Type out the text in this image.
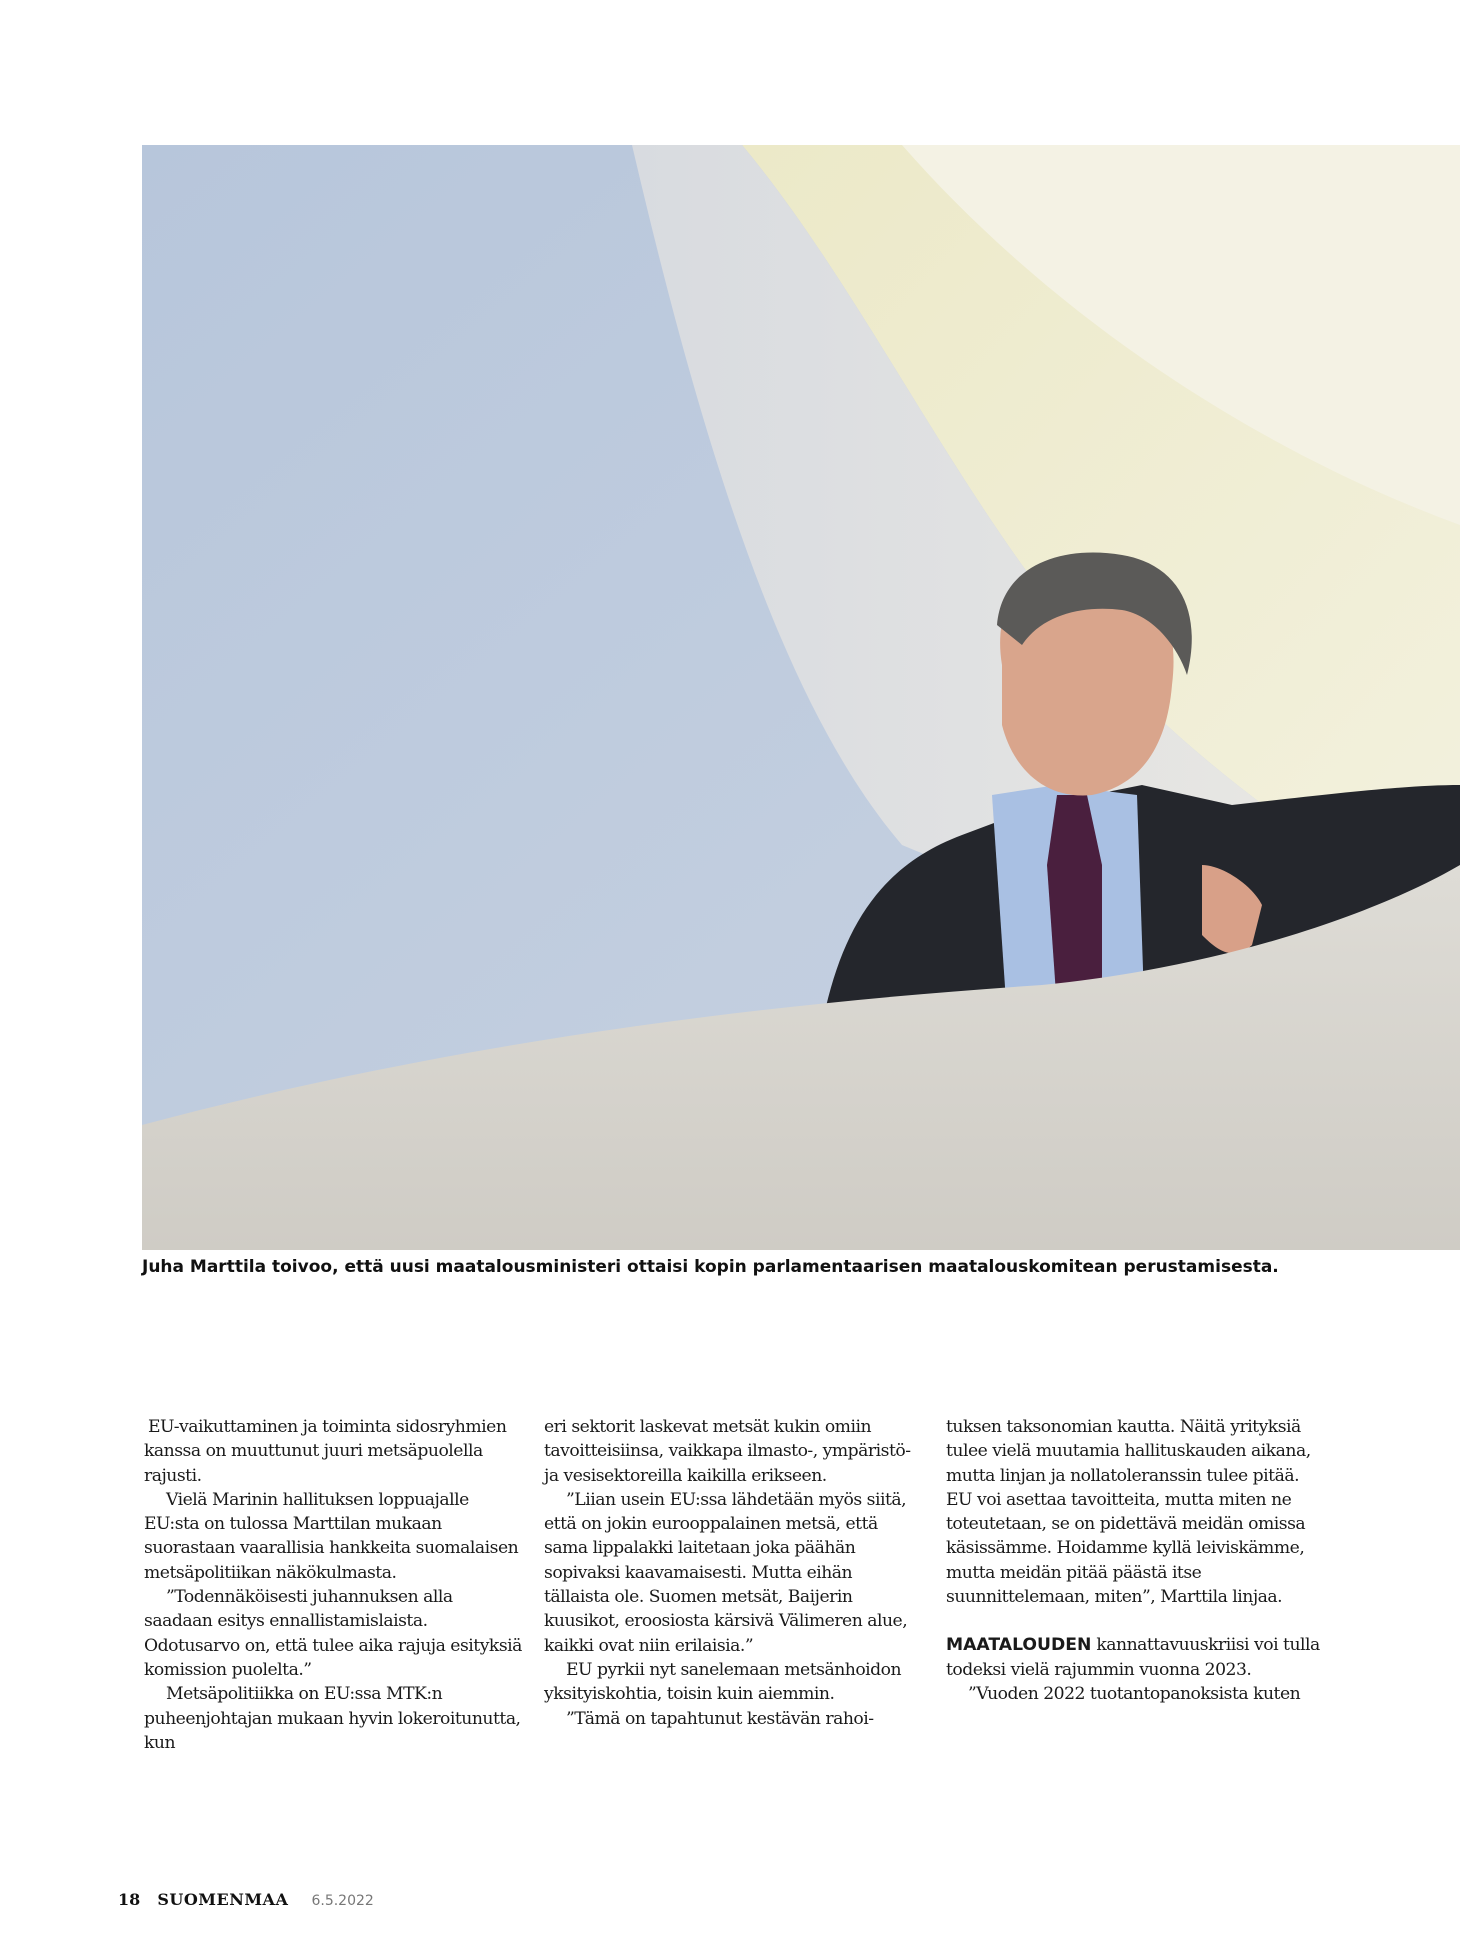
Juha Marttila toivoo, että uusi maatalousministeri ottaisi kopin parlamentaarisen maatalouskomitean perustamisesta.

EU-vaikuttaminen ja toiminta sidosryhmien kanssa on muuttunut juuri metsäpuolella rajusti.

Vielä Marinin hallituksen loppuajalle EU:sta on tulossa Marttilan mukaan suorastaan vaarallisia hankkeita suomalaisen metsäpolitiikan näkökulmasta.

”Todennäköisesti juhannuksen alla saadaan esitys ennallistamislaista. Odotusarvo on, että tulee aika rajuja esityksiä komission puolelta.”

Metsäpolitiikka on EU:ssa MTK:n puheenjohtajan mukaan hyvin lokeroitunutta, kun

eri sektorit laskevat metsät kukin omiin tavoitteisiinsa, vaikkapa ilmasto-, ympäristö- ja vesisektoreilla kaikilla erikseen.

”Liian usein EU:ssa lähdetään myös siitä, että on jokin eurooppalainen metsä, että sama lippalakki laitetaan joka päähän sopivaksi kaavamaisesti. Mutta eihän tällaista ole. Suomen metsät, Baijerin kuusikot, eroosiosta kärsivä Välimeren alue, kaikki ovat niin erilaisia.”

EU pyrkii nyt sanelemaan metsänhoidon yksityiskohtia, toisin kuin aiemmin.

”Tämä on tapahtunut kestävän rahoi-

tuksen taksonomian kautta. Näitä yrityksiä tulee vielä muutamia hallituskauden aikana, mutta linjan ja nollatoleranssin tulee pitää. EU voi asettaa tavoitteita, mutta miten ne toteutetaan, se on pidettävä meidän omissa käsissämme. Hoidamme kyllä leiviskämme, mutta meidän pitää päästä itse suunnittelemaan, miten”, Marttila linjaa.

MAATALOUDEN kannattavuuskriisi voi tulla todeksi vielä rajummin vuonna 2023.

”Vuoden 2022 tuotantopanoksista kuten

18 SUOMENMAA 6.5.2022
